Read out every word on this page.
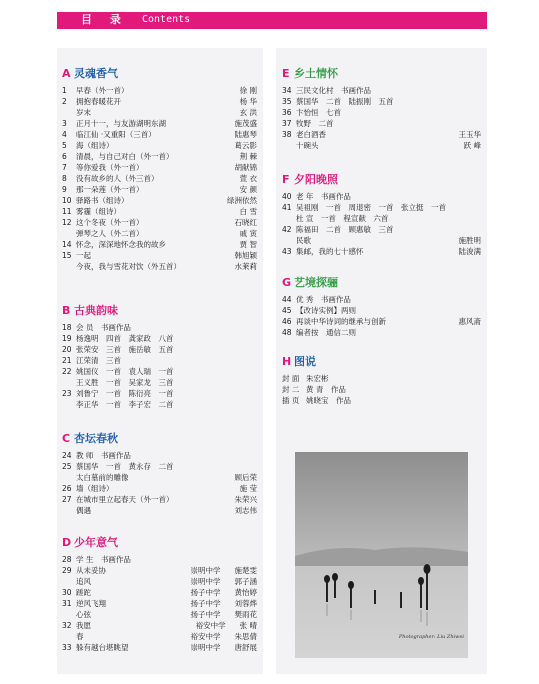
目 录 Contents
A 灵魂香气
1	早春（外一首）	徐 刚
2	拥抱春暖花开	杨 华
岁末	玄 洪
3	正月十一，与友游湖明东湖	施茂盛
4	临江仙 ·又重阳（三首）	陆惠琴
5	海（组诗）	葛云影
6	清晨，与自己对白（外一首）	荆 棘
7	等你爱我（外一首）	胡献锦
8	没有故乡的人（外三首）	萱 衣
9	那一朵莲（外一首）	安 颜
10 驿路书（组诗）	绿洲依然
11 雾霾（组诗）	白 雪
12 这个冬夜（外一首）	石晓红
弹琴之人（外二首）	戚 寅
14 怀念，深深地怀念我的故乡	贾 智
15 一起	韩旭颖
今夜，我与雪花对饮（外五首）	水莱莉
B 古典韵味
18 会 员　书画作品
19 杨逸明　四首　龚家政　八首
20 张荣安　三首　施岳敏　五首
21 江荣清　三首
22 姚国仪　一首　袁人瑞　一首
王义胜　一首　吴家龙　三首
23 刘鲁宁　一首　陈衍亮　一首
李正华　一首　李子宏　二首
C 杏坛春秋
24 教 师　书画作品
25 蔡国华　一首　黄永存　二首
太白墓前的雕像	顾后荣
26 墙（组诗）	施 莹
27 在城市里立起春天（外一首）	朱荣兴
偶遇	刘志伟
D 少年意气
28 学 生　书画作品
29 从未妥协	崇明中学	施楚雯
追风	崇明中学	郭子涵
30 蹉跎	扬子中学	黄怡婷
31 逆风飞翔	扬子中学	刘蓉烨
心弦	扬子中学	樊雨花
32 我愿	裕安中学	张 晴
春	裕安中学	朱思倩
33 躲有越台堪眺望	崇明中学	唐舒展
E 乡土情怀
34 三民文化村　书画作品
35 蔡国华　二首　陆振刚　五首
36 卞怡恒　七首
37 牧野　二首
38 老白酒香	王玉华
十碗头	跃 峰
F 夕阳晚照
40 老 年　书画作品
41 吴祖刚　一首　周退密　一首　张立挺　一首
杜 宣　一首　程宣献　六首
42 陈福田　二首　顾惠敏　三首
民歌	施胜明
43 集邮，我的七十感怀	陆浚满
G 艺境探骊
44 优 秀　书画作品
45 【改诗实例】两则
46 再谈中华诗词的继承与创新	惠风斋
48 编者按　通信二则
H 图说
封 面 朱宏彬
封 二 黄 青　作品
插 页 姚晓宝　作品
Photographer: Liu Zhiwei
